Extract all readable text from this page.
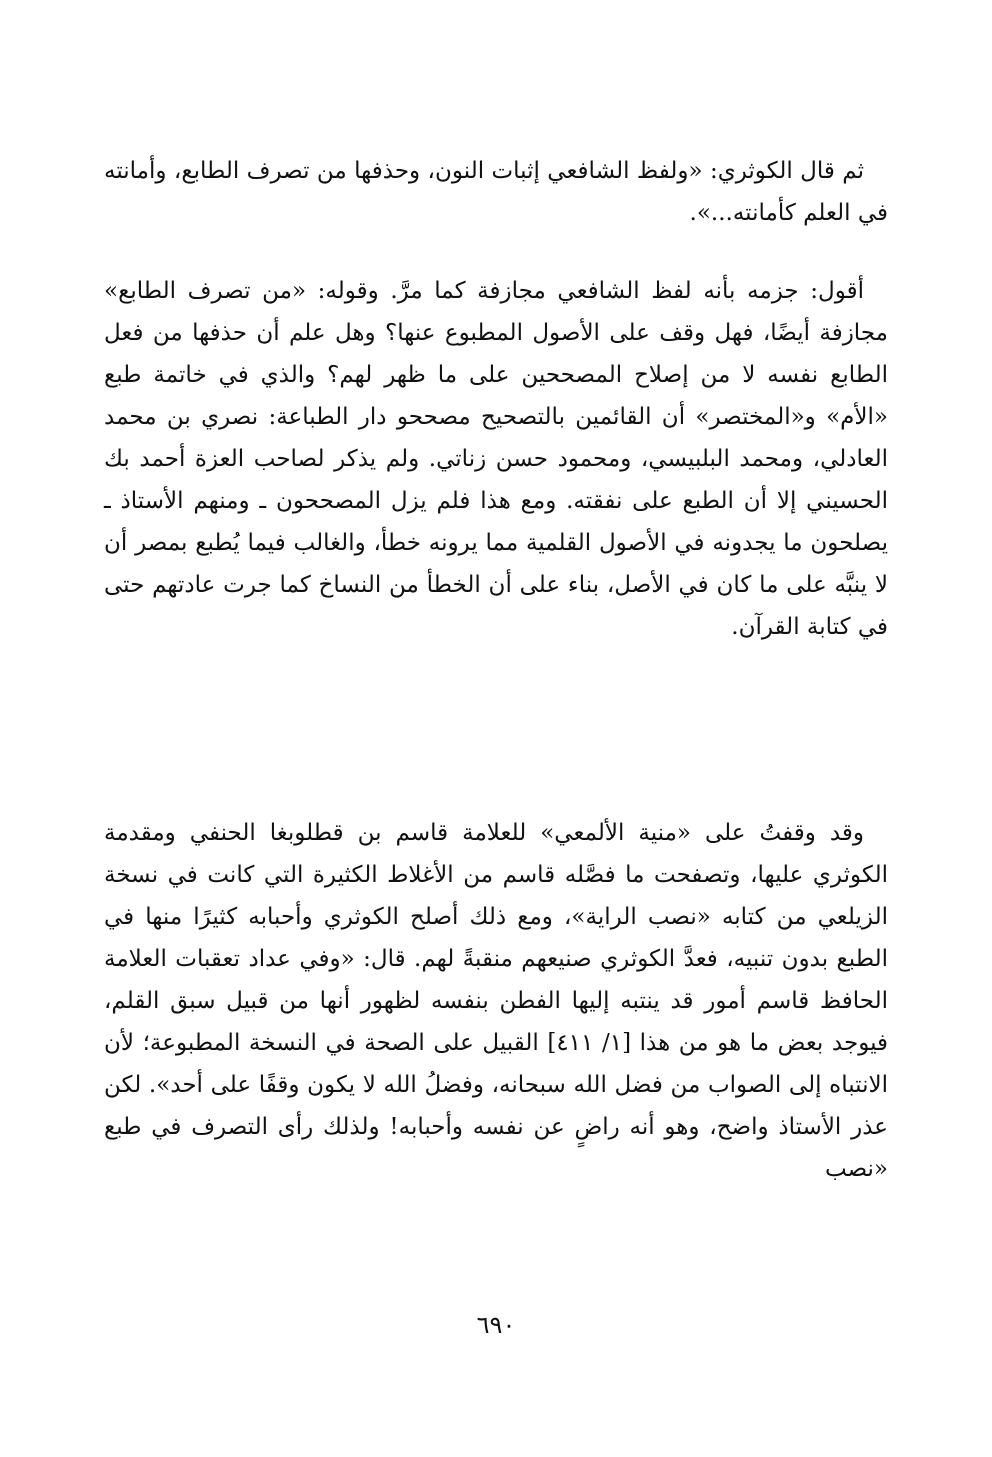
ثم قال الكوثري: «ولفظ الشافعي إثبات النون، وحذفها من تصرف الطابع، وأمانته في العلم كأمانته...».

أقول: جزمه بأنه لفظ الشافعي مجازفة كما مرَّ. وقوله: «من تصرف الطابع» مجازفة أيضًا، فهل وقف على الأصول المطبوع عنها؟ وهل علم أن حذفها من فعل الطابع نفسه لا من إصلاح المصححين على ما ظهر لهم؟ والذي في خاتمة طبع «الأم» و«المختصر» أن القائمين بالتصحيح مصححو دار الطباعة: نصري بن محمد العادلي، ومحمد البلبيسي، ومحمود حسن زناتي. ولم يذكر لصاحب العزة أحمد بك الحسيني إلا أن الطبع على نفقته. ومع هذا فلم يزل المصححون ـ ومنهم الأستاذ ـ يصلحون ما يجدونه في الأصول القلمية مما يرونه خطأ، والغالب فيما يُطبع بمصر أن لا ينبَّه على ما كان في الأصل، بناء على أن الخطأ من النساخ كما جرت عادتهم حتى في كتابة القرآن.

وقد وقفتُ على «منية الألمعي» للعلامة قاسم بن قطلوبغا الحنفي ومقدمة الكوثري عليها، وتصفحت ما فصَّله قاسم من الأغلاط الكثيرة التي كانت في نسخة الزيلعي من كتابه «نصب الراية»، ومع ذلك أصلح الكوثري وأحبابه كثيرًا منها في الطبع بدون تنبيه، فعدَّ الكوثري صنيعهم منقبةً لهم. قال: «وفي عداد تعقبات العلامة الحافظ قاسم أمور قد ينتبه إليها الفطن بنفسه لظهور أنها من قبيل سبق القلم، فيوجد بعض ما هو من هذا [١/ ٤١١] القبيل على الصحة في النسخة المطبوعة؛ لأن الانتباه إلى الصواب من فضل الله سبحانه، وفضلُ الله لا يكون وقفًا على أحد». لكن عذر الأستاذ واضح، وهو أنه راضٍ عن نفسه وأحبابه! ولذلك رأى التصرف في طبع «نصب

٦٩٠
